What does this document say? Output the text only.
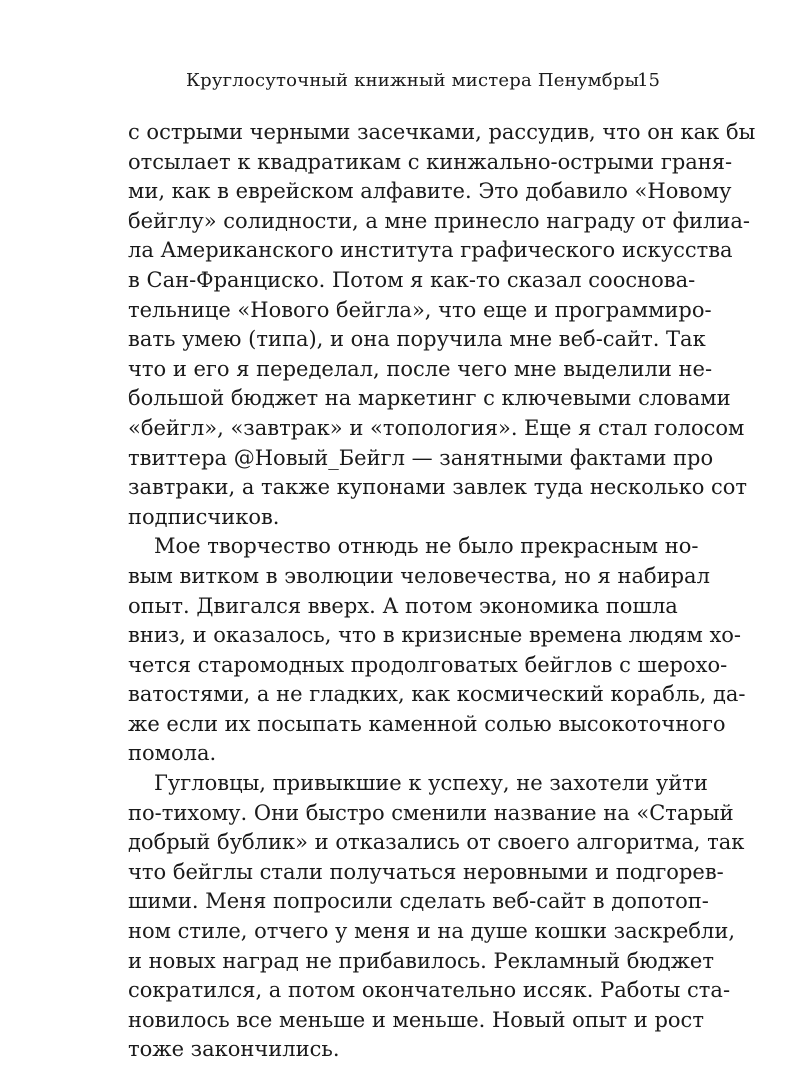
Круглосуточный книжный мистера Пенумбры
15
с острыми черными засечками, рассудив, что он как бы
отсылает к квадратикам с кинжально-острыми граня-
ми, как в еврейском алфавите. Это добавило «Новому
бейглу» солидности, а мне принесло награду от филиа-
ла Американского института графического искусства
в Сан-Франциско. Потом я как-то сказал сооснова-
тельнице «Нового бейгла», что еще и программиро-
вать умею (типа), и она поручила мне веб-сайт. Так
что и его я переделал, после чего мне выделили не-
большой бюджет на маркетинг с ключевыми словами
«бейгл», «завтрак» и «топология». Еще я стал голосом
твиттера @Новый_Бейгл — занятными фактами про
завтраки, а также купонами завлек туда несколько сот
подписчиков.
Мое творчество отнюдь не было прекрасным но-
вым витком в эволюции человечества, но я набирал
опыт. Двигался вверх. А потом экономика пошла
вниз, и оказалось, что в кризисные времена людям хо-
чется старомодных продолговатых бейглов с шерохо-
ватостями, а не гладких, как космический корабль, да-
же если их посыпать каменной солью высокоточного
помола.
Гугловцы, привыкшие к успеху, не захотели уйти
по-тихому. Они быстро сменили название на «Старый
добрый бублик» и отказались от своего алгоритма, так
что бейглы стали получаться неровными и подгорев-
шими. Меня попросили сделать веб-сайт в допотоп-
ном стиле, отчего у меня и на душе кошки заскребли,
и новых наград не прибавилось. Рекламный бюджет
сократился, а потом окончательно иссяк. Работы ста-
новилось все меньше и меньше. Новый опыт и рост
тоже закончились.
